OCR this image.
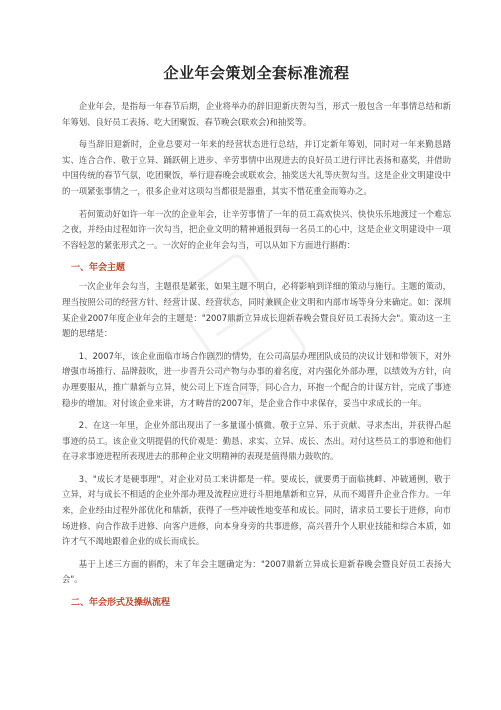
企业年会策划全套标准流程

企业年会，是指每一年春节后期，企业将举办的辞旧迎新庆贺勾当，形式一般包含一年事情总结和新年筹划、良好员工表扬、吃大团聚饭、春节晚会(联欢会)和抽奖等。

每当辞旧迎新时，企业总要对一年来的经营状态进行总结，并订定新年筹划，同时对一年来勤恳踏实、连合合作、敬于立异、踊跃朝上进步、辛劳事情中出现进去的良好员工进行评比表扬和嘉奖，并借助中国传统的春节气氛，吃团聚饭，举行迎春晚会或联欢会，抽奖送大礼等庆贺勾当。这是企业文明建设中的一项紧张事情之一，很多企业对这项勾当都很是器重，其实不惜花重金而筹办之。

若何策动好如许一年一次的企业年会，让辛劳事情了一年的员工高欢快兴、快快乐乐地渡过一个难忘之夜，并经由过程如许一次勾当，把企业文明的精神通报到每一名员工的心中，这是企业文明建设中一项不容轻忽的紧张形式之一。一次好的企业年会勾当，可以从如下方面进行斟酌：

一、年会主题

一次企业年会勾当，主题很是紧张，如果主题不明白，必将影响到详细的策动与施行。主题的策动，理当按照公司的经营方针、经营计谋、经营状态，同时兼顾企业文明和内部市场等身分来确定。如：深圳某企业2007年度企业年会的主题是："2007鼎新立异成长迎新春晚会暨良好员工表扬大会"。策动这一主题的思绪是：

1、2007年，该企业面临市场合作剧烈的情势，在公司高层办理团队成员的决议计划和带领下，对外增强市场推行、品牌鼓吹，进一步晋升公司产物与办事的着名度，对内强化外部办理，以绩效为方针，向办理要服从，推广鼎新与立异，使公司上下连合同等，同心合力，环抱一个配合的计谋方针，完成了事迹稳步的增加。对付该企业来讲，方才畴昔的2007年，是企业合作中求保存，妥当中求成长的一年。

2、在这一年里，企业外部出现出了一多量谨小慎微、敬于立异、乐于贡献、寻求杰出，并获得凸起事迹的员工。该企业文明提倡的代价观是：勤恳、求实、立异、成长、杰出。对付这些员工的事迹和他们在寻求事迹进程所表现进去的那种企业文明精神的表现是值得鼎力鼓吹的。

3、"成长才是硬事理"，对企业对员工来讲都是一样。要成长，就要勇于面临挑衅、冲破通例，敬于立异，对与成长不相适的企业外部办理及流程应进行斗胆地鼎新和立异，从而不竭晋升企业合作力。一年来，企业经由过程外部优化和鼎新，获得了一些冲破性地变革和成长。同时，请求员工要长于进修，向市场进修、向合作敌手进修、向客户进修，向本身身旁的共事进修，高兴晋升个人职业技能和综合本质，如许才气不竭地跟着企业的成长而成长。

基于上述三方面的斟酌，末了年会主题确定为："2007鼎新立异成长迎新春晚会暨良好员工表扬大会"。

二、年会形式及操纵流程
